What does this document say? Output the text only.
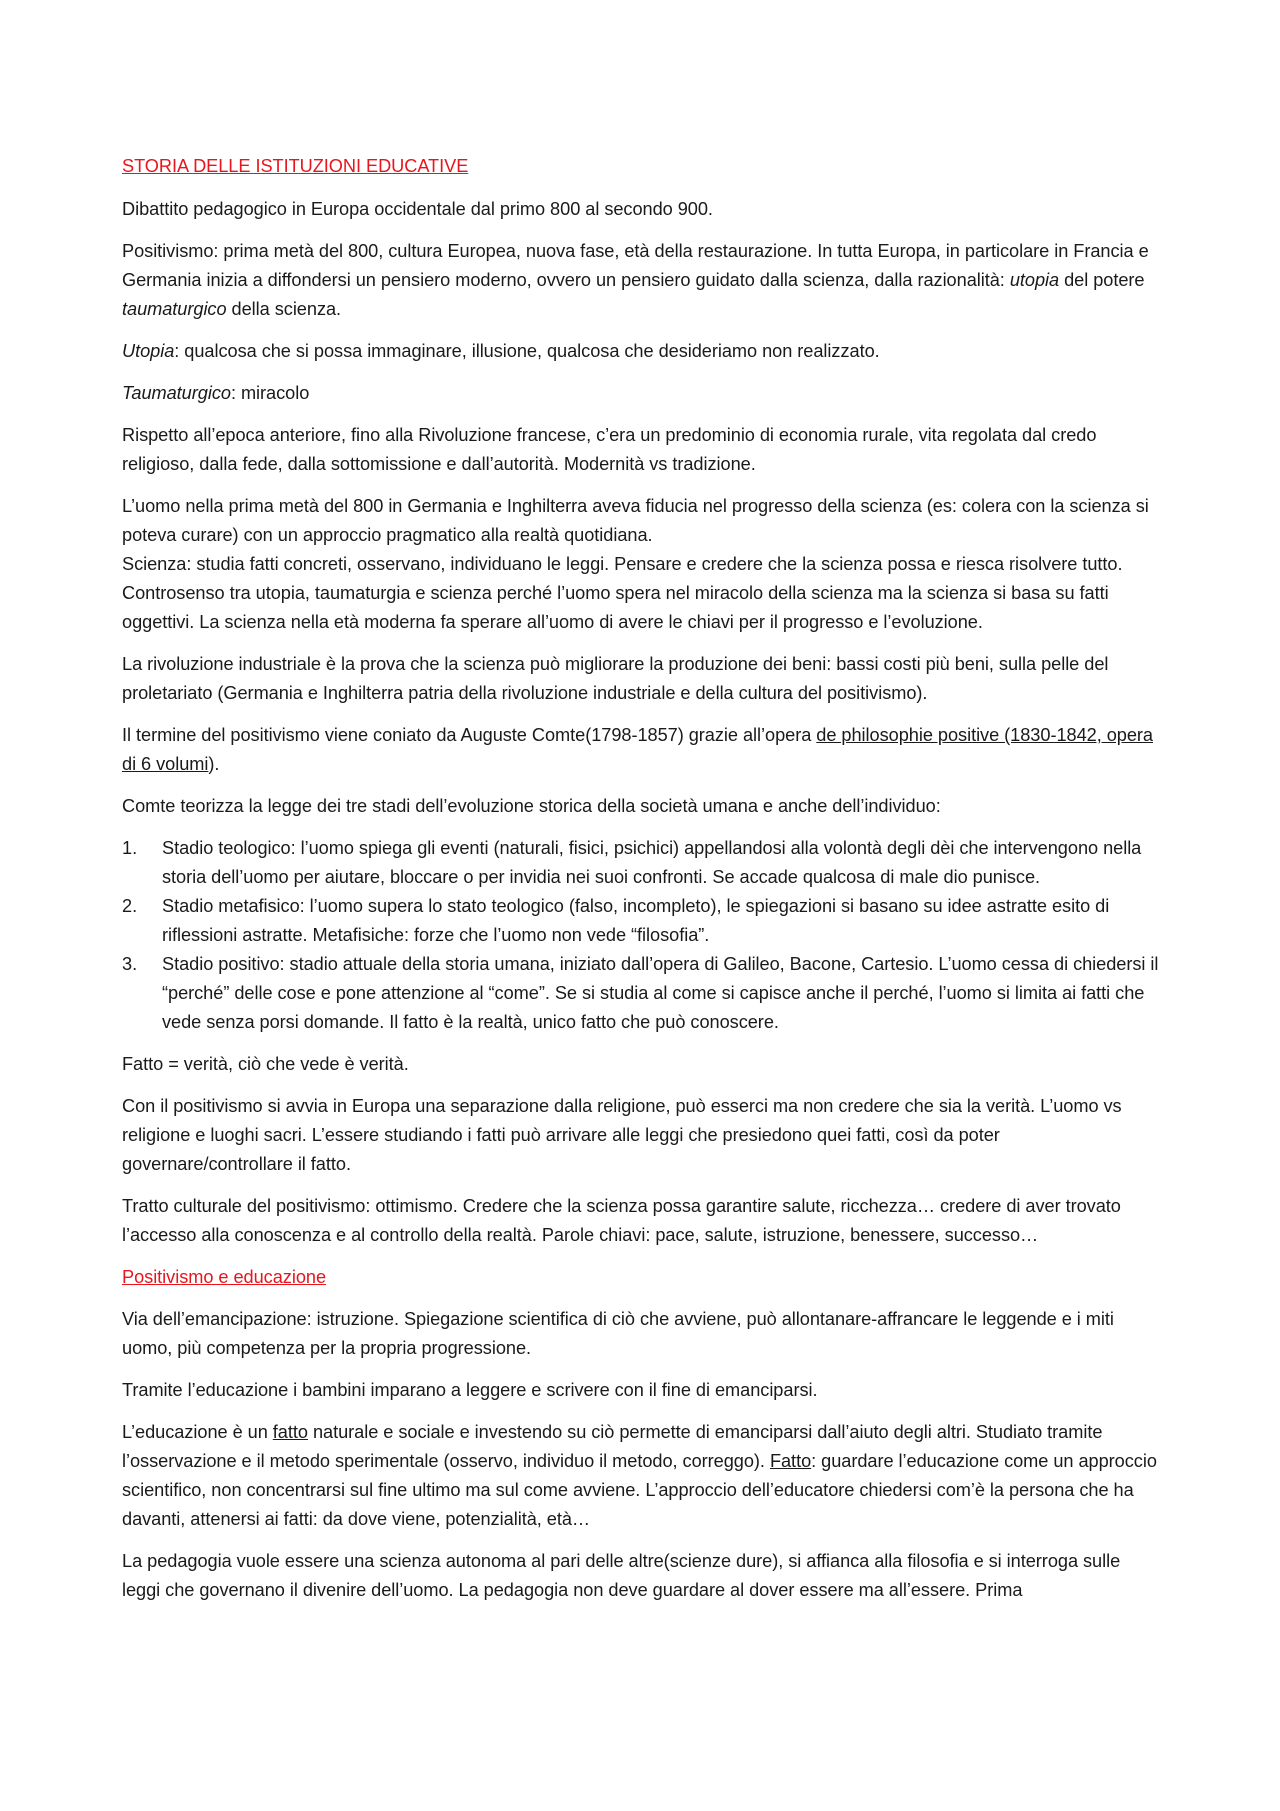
STORIA DELLE ISTITUZIONI EDUCATIVE

Dibattito pedagogico in Europa occidentale dal primo 800 al secondo 900.

Positivismo: prima metà del 800, cultura Europea, nuova fase, età della restaurazione. In tutta Europa, in particolare in Francia e Germania inizia a diffondersi un pensiero moderno, ovvero un pensiero guidato dalla scienza, dalla razionalità: utopia del potere taumaturgico della scienza.

Utopia: qualcosa che si possa immaginare, illusione, qualcosa che desideriamo non realizzato.

Taumaturgico: miracolo

Rispetto all’epoca anteriore, fino alla Rivoluzione francese, c’era un predominio di economia rurale, vita regolata dal credo religioso, dalla fede, dalla sottomissione e dall’autorità. Modernità vs tradizione.

L’uomo nella prima metà del 800 in Germania e Inghilterra aveva fiducia nel progresso della scienza (es: colera con la scienza si poteva curare) con un approccio pragmatico alla realtà quotidiana.
Scienza: studia fatti concreti, osservano, individuano le leggi. Pensare e credere che la scienza possa e riesca risolvere tutto. Controsenso tra utopia, taumaturgia e scienza perché l’uomo spera nel miracolo della scienza ma la scienza si basa su fatti oggettivi. La scienza nella età moderna fa sperare all’uomo di avere le chiavi per il progresso e l’evoluzione.

La rivoluzione industriale è la prova che la scienza può migliorare la produzione dei beni: bassi costi più beni, sulla pelle del proletariato (Germania e Inghilterra patria della rivoluzione industriale e della cultura del positivismo).

Il termine del positivismo viene coniato da Auguste Comte(1798-1857) grazie all’opera de philosophie positive (1830-1842, opera di 6 volumi).

Comte teorizza la legge dei tre stadi dell’evoluzione storica della società umana e anche dell’individuo:

1. Stadio teologico: l’uomo spiega gli eventi (naturali, fisici, psichici) appellandosi alla volontà degli dèi che intervengono nella storia dell’uomo per aiutare, bloccare o per invidia nei suoi confronti. Se accade qualcosa di male dio punisce.
2. Stadio metafisico: l’uomo supera lo stato teologico (falso, incompleto), le spiegazioni si basano su idee astratte esito di riflessioni astratte. Metafisiche: forze che l’uomo non vede “filosofia”.
3. Stadio positivo: stadio attuale della storia umana, iniziato dall’opera di Galileo, Bacone, Cartesio. L’uomo cessa di chiedersi il “perché” delle cose e pone attenzione al “come”. Se si studia al come si capisce anche il perché, l’uomo si limita ai fatti che vede senza porsi domande. Il fatto è la realtà, unico fatto che può conoscere.

Fatto = verità, ciò che vede è verità.

Con il positivismo si avvia in Europa una separazione dalla religione, può esserci ma non credere che sia la verità. L’uomo vs religione e luoghi sacri. L’essere studiando i fatti può arrivare alle leggi che presiedono quei fatti, così da poter governare/controllare il fatto.

Tratto culturale del positivismo: ottimismo. Credere che la scienza possa garantire salute, ricchezza… credere di aver trovato l’accesso alla conoscenza e al controllo della realtà. Parole chiavi: pace, salute, istruzione, benessere, successo…

Positivismo e educazione

Via dell’emancipazione: istruzione. Spiegazione scientifica di ciò che avviene, può allontanare-affrancare le leggende e i miti uomo, più competenza per la propria progressione.

Tramite l’educazione i bambini imparano a leggere e scrivere con il fine di emanciparsi.

L’educazione è un fatto naturale e sociale e investendo su ciò permette di emanciparsi dall’aiuto degli altri. Studiato tramite l’osservazione e il metodo sperimentale (osservo, individuo il metodo, correggo). Fatto: guardare l’educazione come un approccio scientifico, non concentrarsi sul fine ultimo ma sul come avviene. L’approccio dell’educatore chiedersi com’è la persona che ha davanti, attenersi ai fatti: da dove viene, potenzialità, età…

La pedagogia vuole essere una scienza autonoma al pari delle altre(scienze dure), si affianca alla filosofia e si interroga sulle leggi che governano il divenire dell’uomo. La pedagogia non deve guardare al dover essere ma all’essere. Prima
